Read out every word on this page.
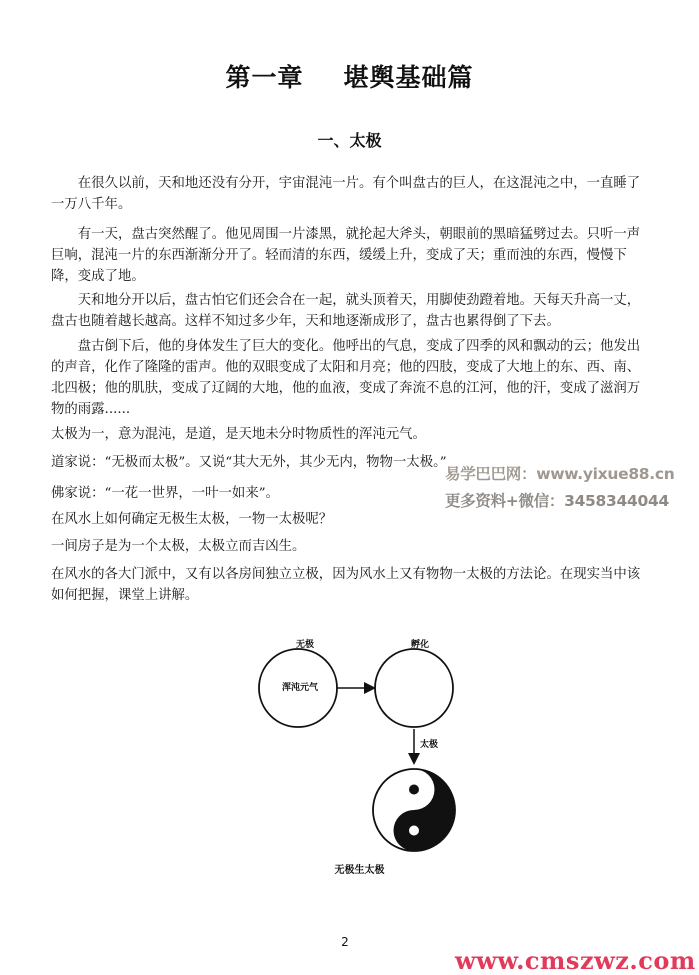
第一章 堪舆基础篇
一、太极
在很久以前，天和地还没有分开，宇宙混沌一片。有个叫盘古的巨人，在这混沌之中，一直睡了一万八千年。
有一天，盘古突然醒了。他见周围一片漆黑，就抡起大斧头，朝眼前的黑暗猛劈过去。只听一声巨响，混沌一片的东西渐渐分开了。轻而清的东西，缓缓上升，变成了天；重而浊的东西，慢慢下降，变成了地。
天和地分开以后，盘古怕它们还会合在一起，就头顶着天，用脚使劲蹬着地。天每天升高一丈，盘古也随着越长越高。这样不知过多少年，天和地逐渐成形了，盘古也累得倒了下去。
盘古倒下后，他的身体发生了巨大的变化。他呼出的气息，变成了四季的风和飘动的云；他发出的声音，化作了隆隆的雷声。他的双眼变成了太阳和月亮；他的四肢，变成了大地上的东、西、南、北四极；他的肌肤，变成了辽阔的大地，他的血液，变成了奔流不息的江河，他的汗，变成了滋润万物的雨露......
太极为一，意为混沌，是道，是天地未分时物质性的浑沌元气。
道家说：“无极而太极”。又说“其大无外，其少无内，物物一太极。”
佛家说：“一花一世界，一叶一如来”。
在风水上如何确定无极生太极，一物一太极呢？
一间房子是为一个太极，太极立而吉凶生。
在风水的各大门派中，又有以各房间独立立极，因为风水上又有物物一太极的方法论。在现实当中该如何把握，课堂上讲解。
易学巴巴网：www.yixue88.cn
更多资料+微信：3458344044
无极
浑沌元气
孵化
太极
无极生太极
2
www.cmszwz.com
